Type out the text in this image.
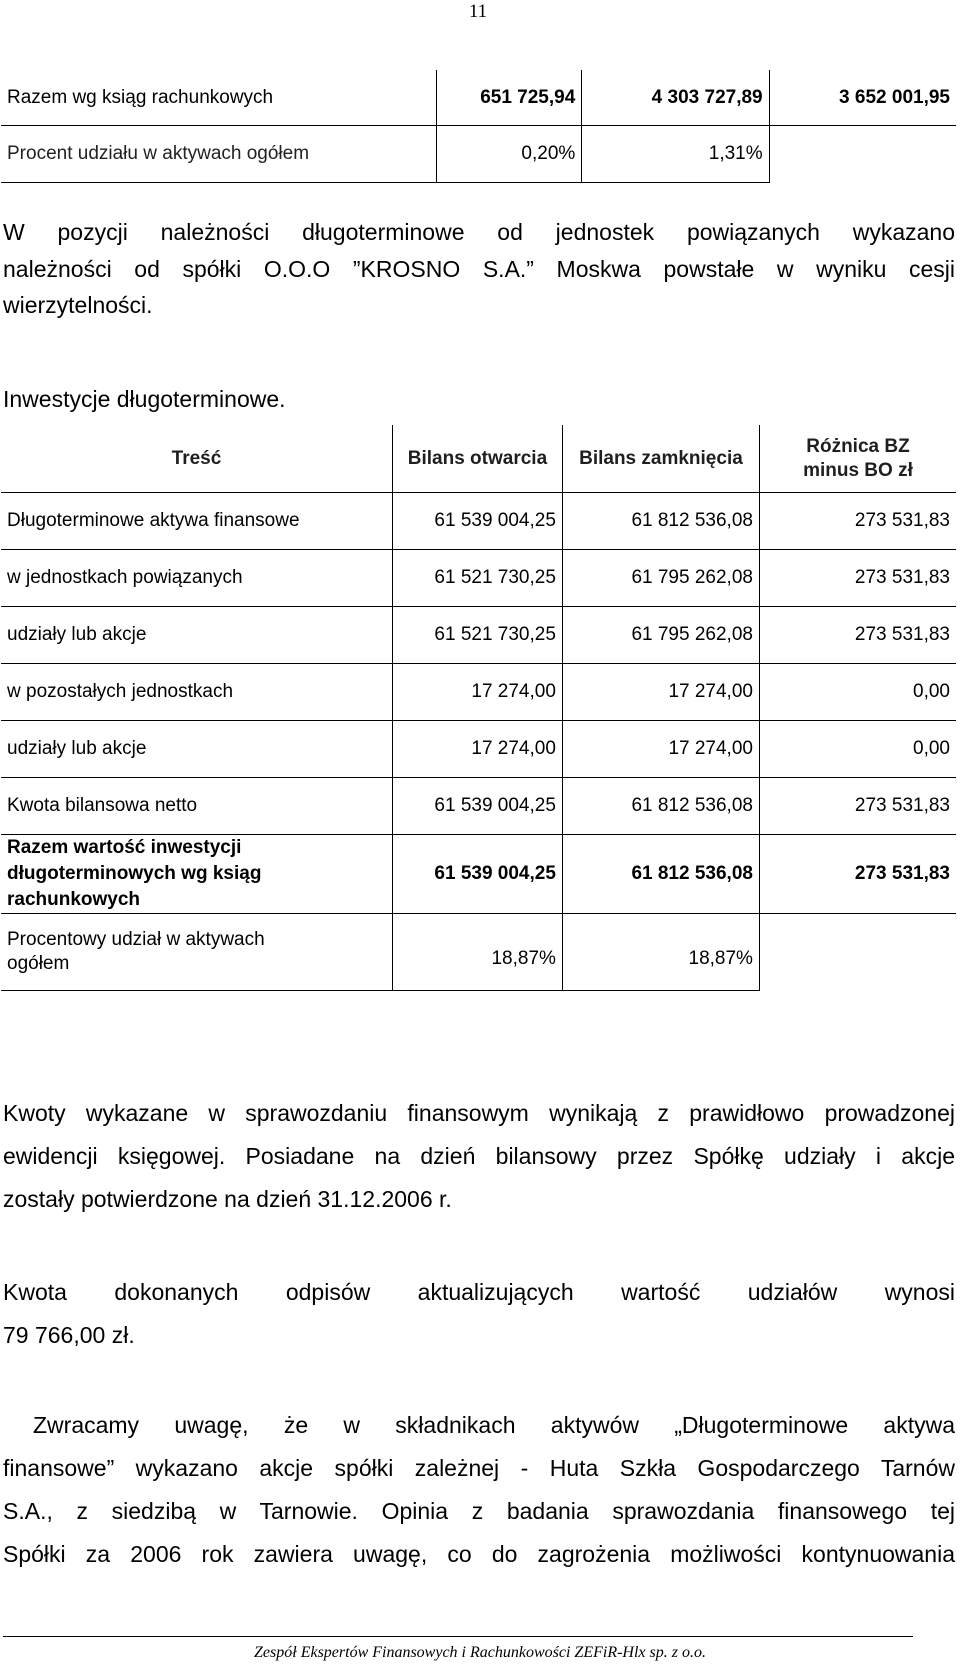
11
Razem wg ksiąg rachunkowych	651 725,94	4 303 727,89	3 652 001,95
Procent udziału w aktywach ogółem	0,20%	1,31%	
W pozycji należności długoterminowe od jednostek powiązanych wykazano
należności od spółki O.O.O ”KROSNO S.A.” Moskwa powstałe w wyniku cesji
wierzytelności.
Inwestycje długoterminowe.
Treść	Bilans otwarcia	Bilans zamknięcia	Różnica BZ
minus BO zł

Długoterminowe aktywa finansowe	61 539 004,25	61 812 536,08	273 531,83
w jednostkach powiązanych	61 521 730,25	61 795 262,08	273 531,83
udziały lub akcje	61 521 730,25	61 795 262,08	273 531,83
w pozostałych jednostkach	17 274,00	17 274,00	0,00
udziały lub akcje	17 274,00	17 274,00	0,00
Kwota bilansowa netto	61 539 004,25	61 812 536,08	273 531,83

Razem wartość inwestycji
długoterminowych wg ksiąg
rachunkowych	61 539 004,25	61 812 536,08	273 531,83

Procentowy udział w aktywach
ogółem	18,87%	18,87%	
Kwoty wykazane w sprawozdaniu finansowym wynikają z prawidłowo prowadzonej
ewidencji księgowej. Posiadane na dzień bilansowy przez Spółkę udziały i akcje
zostały potwierdzone na dzień 31.12.2006 r.
Kwota dokonanych odpisów aktualizujących wartość udziałów wynosi
79 766,00 zł.
Zwracamy uwagę, że w składnikach aktywów „Długoterminowe aktywa
finansowe” wykazano akcje spółki zależnej - Huta Szkła Gospodarczego Tarnów
S.A., z siedzibą w Tarnowie. Opinia z badania sprawozdania finansowego tej
Spółki za 2006 rok zawiera uwagę, co do zagrożenia możliwości kontynuowania
Zespół Ekspertów Finansowych i Rachunkowości ZEFiR-Hlx sp. z o.o.
